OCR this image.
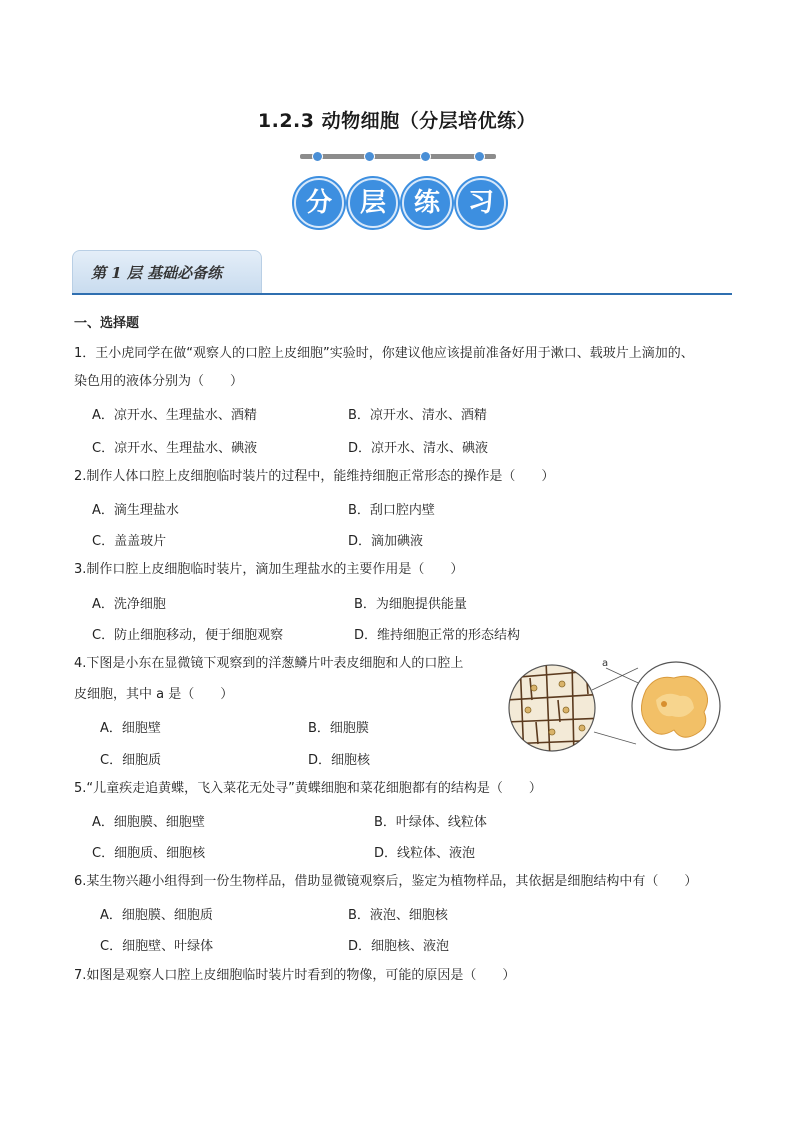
1.2.3 动物细胞（分层培优练）
分	层	练	习
第 1 层 基础必备练
一、选择题
1．王小虎同学在做“观察人的口腔上皮细胞”实验时，你建议他应该提前准备好用于漱口、载玻片上滴加的、
染色用的液体分别为（　　）
A．凉开水、生理盐水、酒精	B．凉开水、清水、酒精
C．凉开水、生理盐水、碘液	D．凉开水、清水、碘液
2.制作人体口腔上皮细胞临时装片的过程中，能维持细胞正常形态的操作是（　　）
A．滴生理盐水	B．刮口腔内壁
C．盖盖玻片	D．滴加碘液
3.制作口腔上皮细胞临时装片，滴加生理盐水的主要作用是（　　）
A．洗净细胞	B．为细胞提供能量
C．防止细胞移动，便于细胞观察	D．维持细胞正常的形态结构
4.下图是小东在显微镜下观察到的洋葱鳞片叶表皮细胞和人的口腔上
皮细胞，其中 a 是（　　）
A．细胞壁	B．细胞膜
C．细胞质	D．细胞核
a
5.“儿童疾走追黄蝶，飞入菜花无处寻”黄蝶细胞和菜花细胞都有的结构是（　　）
A．细胞膜、细胞壁	B．叶绿体、线粒体
C．细胞质、细胞核	D．线粒体、液泡
6.某生物兴趣小组得到一份生物样品，借助显微镜观察后，鉴定为植物样品，其依据是细胞结构中有（　　）
A．细胞膜、细胞质	B．液泡、细胞核
C．细胞壁、叶绿体	D．细胞核、液泡
7.如图是观察人口腔上皮细胞临时装片时看到的物像，可能的原因是（　　）
